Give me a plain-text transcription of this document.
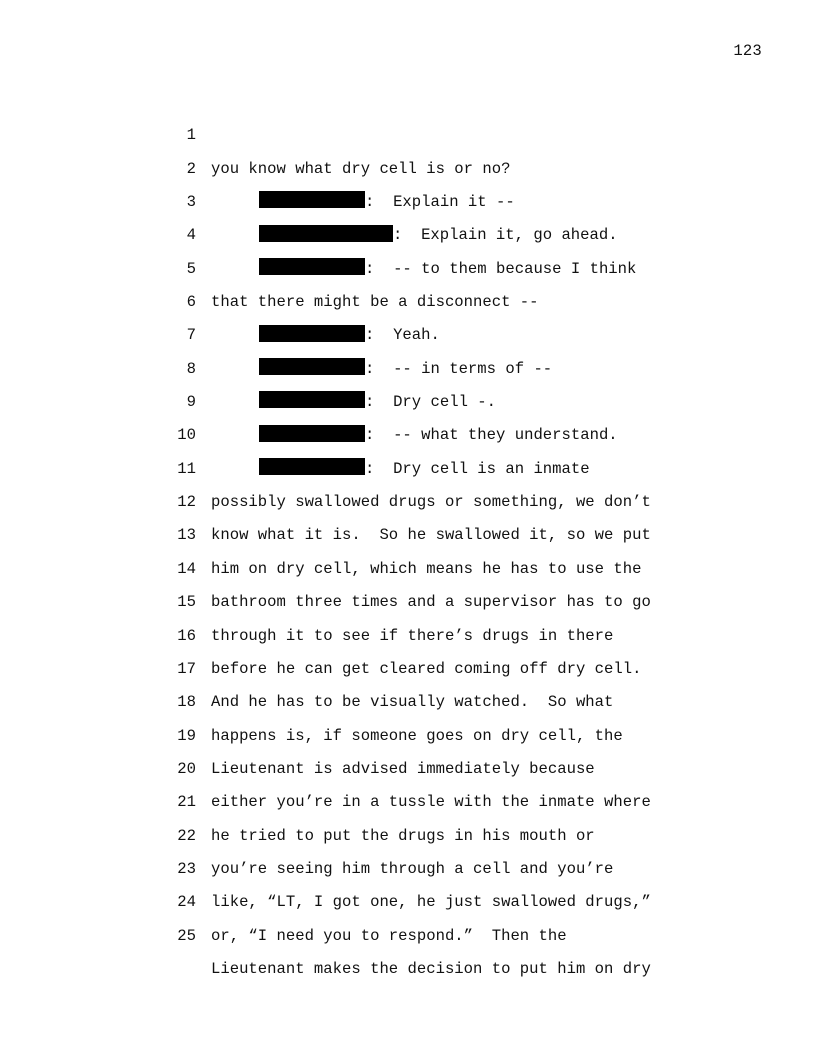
123

1

you know what dry cell is or no?

2

:  Explain it --

3

:  Explain it, go ahead.

4

:  -- to them because I think

5

that there might be a disconnect --

6

:  Yeah.

7

:  -- in terms of --

8

:  Dry cell -.

9

:  -- what they understand.

10

:  Dry cell is an inmate

11

possibly swallowed drugs or something, we don’t

12

know what it is.  So he swallowed it, so we put

13

him on dry cell, which means he has to use the

14

bathroom three times and a supervisor has to go

15

through it to see if there’s drugs in there

16

before he can get cleared coming off dry cell.

17

And he has to be visually watched.  So what

18

happens is, if someone goes on dry cell, the

19

Lieutenant is advised immediately because

20

either you’re in a tussle with the inmate where

21

he tried to put the drugs in his mouth or

22

you’re seeing him through a cell and you’re

23

like, “LT, I got one, he just swallowed drugs,”

24

or, “I need you to respond.”  Then the

25

Lieutenant makes the decision to put him on dry
